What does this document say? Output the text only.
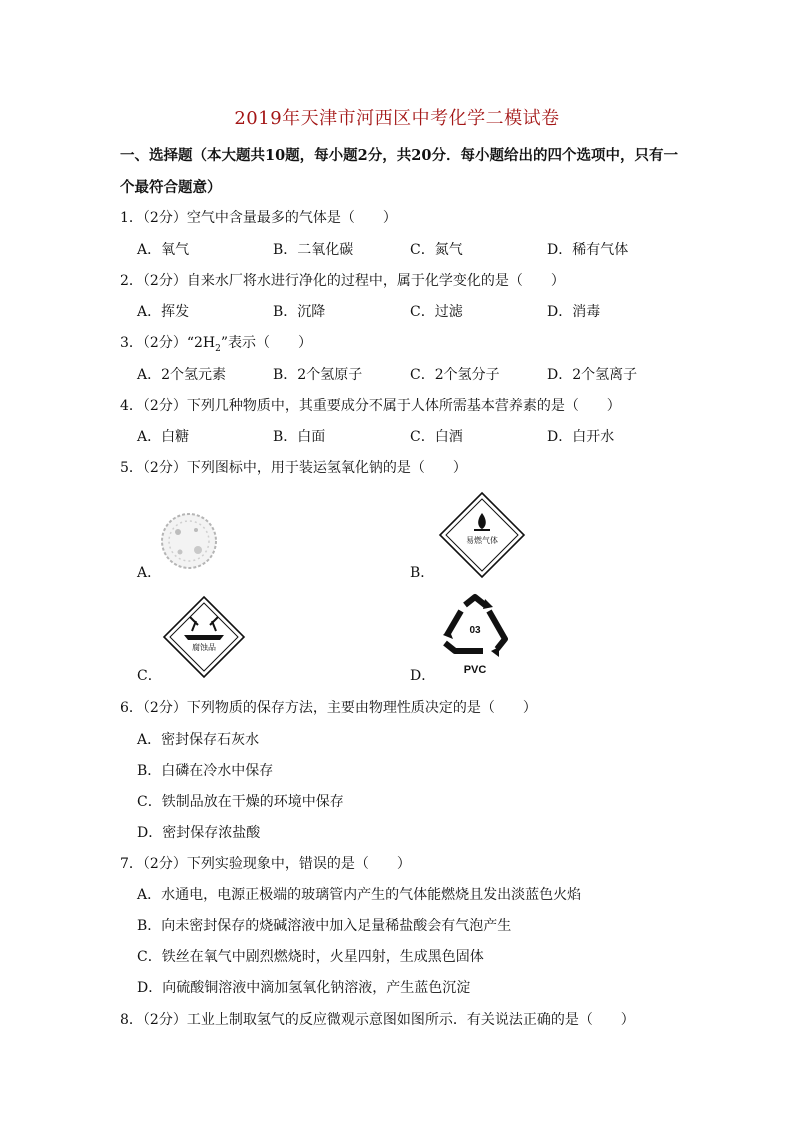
2019年天津市河西区中考化学二模试卷
一、选择题（本大题共10题，每小题2分，共20分．每小题给出的四个选项中，只有一
个最符合题意）
1．（2分）空气中含量最多的气体是（　　）
A．氧气	B．二氧化碳	C．氮气	D．稀有气体
2．（2分）自来水厂将水进行净化的过程中，属于化学变化的是（　　）
A．挥发	B．沉降	C．过滤	D．消毒
3．（2分）“$2H_2$”表示（　　）
A．2个氢元素	B．2个氢原子	C．2个氢分子	D．2个氢离子
4．（2分）下列几种物质中，其重要成分不属于人体所需基本营养素的是（　　）
A．白糖	B．白面	C．白酒	D．白开水
5．（2分）下列图标中，用于装运氢氧化钠的是（　　）
A．
易燃气体
B．
腐蚀品
C．
03
PVC
D．
6．（2分）下列物质的保存方法，主要由物理性质决定的是（　　）
A．密封保存石灰水
B．白磷在冷水中保存
C．铁制品放在干燥的环境中保存
D．密封保存浓盐酸
7．（2分）下列实验现象中，错误的是（　　）
A．水通电，电源正极端的玻璃管内产生的气体能燃烧且发出淡蓝色火焰
B．向未密封保存的烧碱溶液中加入足量稀盐酸会有气泡产生
C．铁丝在氧气中剧烈燃烧时，火星四射，生成黑色固体
D．向硫酸铜溶液中滴加氢氧化钠溶液，产生蓝色沉淀
8．（2分）工业上制取氢气的反应微观示意图如图所示．有关说法正确的是（　　）
